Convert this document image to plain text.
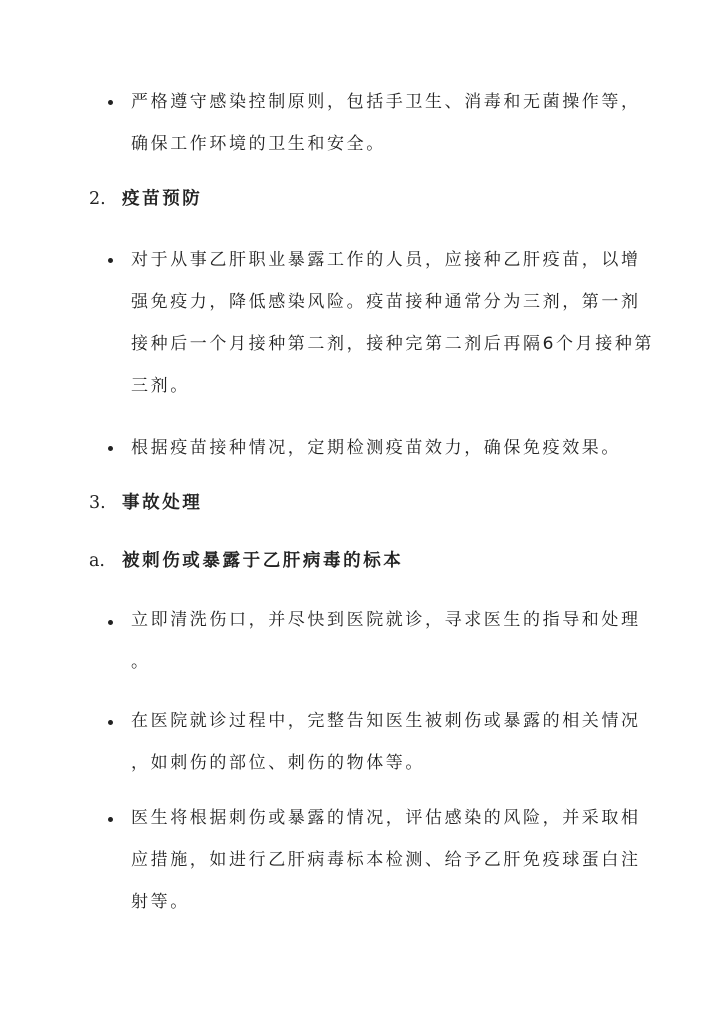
严格遵守感染控制原则，包括手卫生、消毒和无菌操作等，
确保工作环境的卫生和安全。
2. 疫苗预防
对于从事乙肝职业暴露工作的人员，应接种乙肝疫苗，以增
强免疫力，降低感染风险。疫苗接种通常分为三剂，第一剂
接种后一个月接种第二剂，接种完第二剂后再隔6个月接种第
三剂。
根据疫苗接种情况，定期检测疫苗效力，确保免疫效果。
3. 事故处理
a. 被刺伤或暴露于乙肝病毒的标本
立即清洗伤口，并尽快到医院就诊，寻求医生的指导和处理
。
在医院就诊过程中，完整告知医生被刺伤或暴露的相关情况
，如刺伤的部位、刺伤的物体等。
医生将根据刺伤或暴露的情况，评估感染的风险，并采取相
应措施，如进行乙肝病毒标本检测、给予乙肝免疫球蛋白注
射等。
